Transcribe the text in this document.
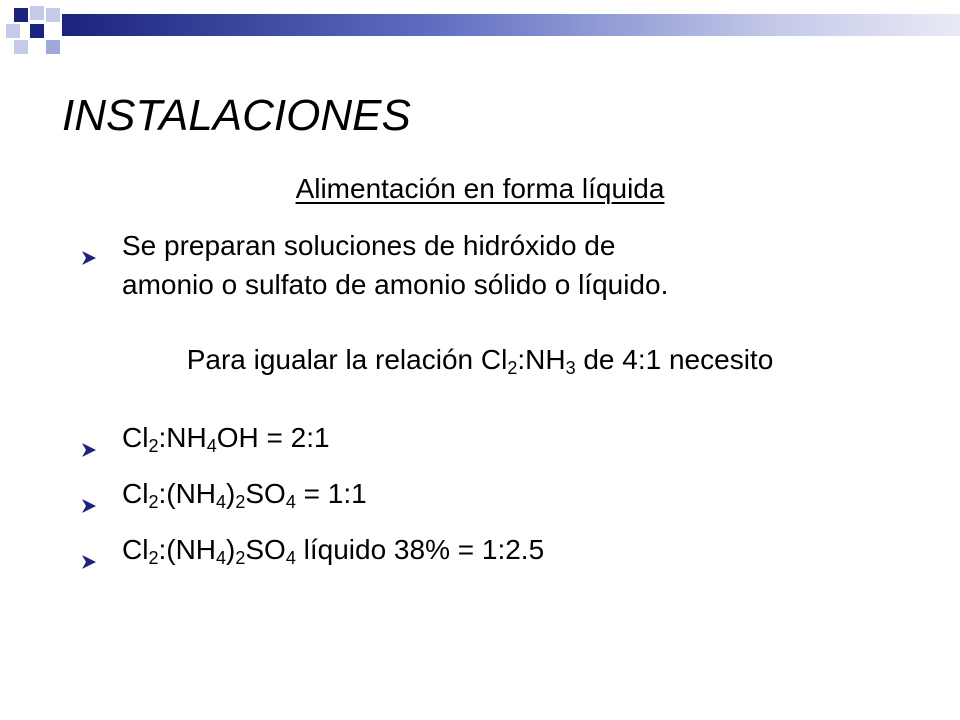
INSTALACIONES
Alimentación en forma líquida
Se preparan soluciones de hidróxido de
amonio o sulfato de amonio sólido o líquido.
Para igualar la relación $Cl_2:NH_3$ de 4:1 necesito
$Cl_2:NH_4OH$ = 2:1
$Cl_2:(NH_4)_2SO_4$ = 1:1
$Cl_2:(NH_4)_2SO_4$ líquido 38% = 1:2.5
